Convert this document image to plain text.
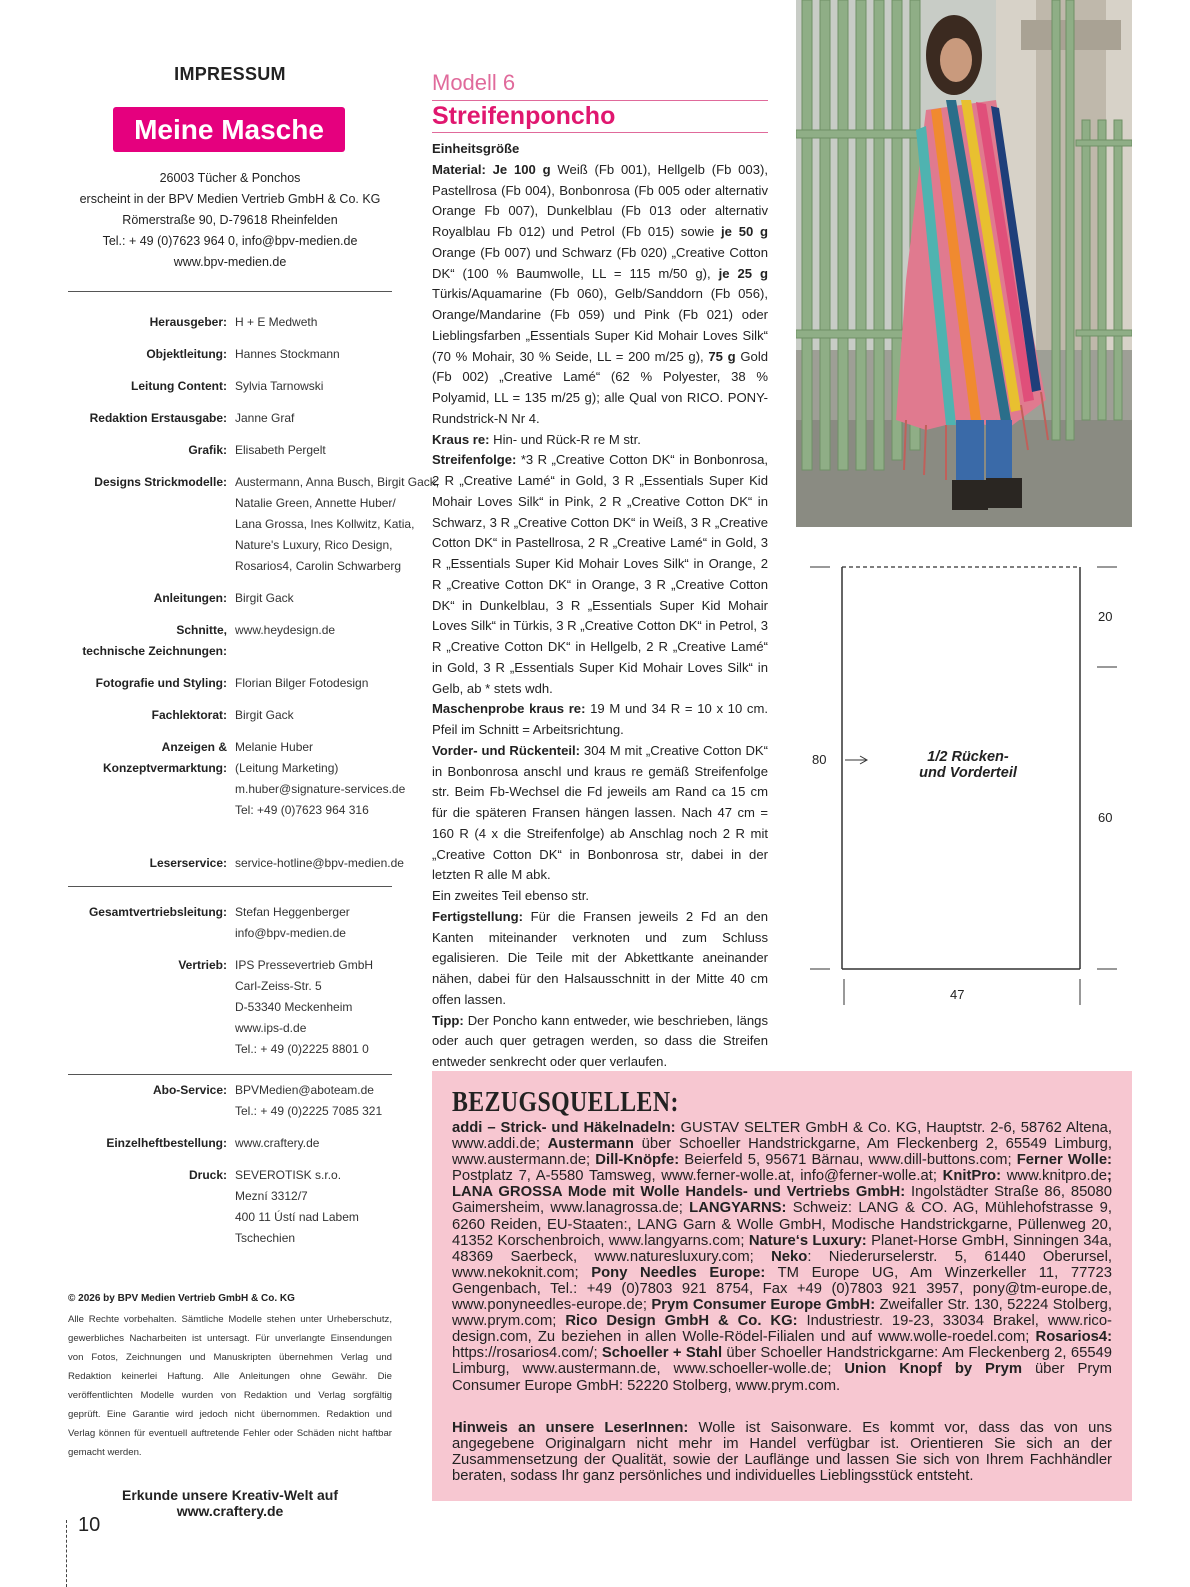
IMPRESSUM
Meine Masche
26003 Tücher & Ponchos
erscheint in der BPV Medien Vertrieb GmbH & Co. KG
Römerstraße 90, D-79618 Rheinfelden
Tel.: + 49 (0)7623 964 0, info@bpv-medien.de
www.bpv-medien.de
Herausgeber: H + E Medweth
Objektleitung: Hannes Stockmann
Leitung Content: Sylvia Tarnowski
Redaktion Erstausgabe: Janne Graf
Grafik: Elisabeth Pergelt
Designs Strickmodelle: Austermann, Anna Busch, Birgit Gack,
Natalie Green, Annette Huber/
Lana Grossa, Ines Kollwitz, Katia,
Nature's Luxury, Rico Design,
Rosarios4, Carolin Schwarberg
Anleitungen: Birgit Gack
Schnitte,
technische Zeichnungen:
www.heydesign.de
Fotografie und Styling: Florian Bilger Fotodesign
Fachlektorat: Birgit Gack
Anzeigen &
Konzeptvermarktung:
Melanie Huber
(Leitung Marketing)
m.huber@signature-services.de
Tel: +49 (0)7623 964 316
Leserservice: service-hotline@bpv-medien.de
Gesamtvertriebsleitung: Stefan Heggenberger
info@bpv-medien.de
Vertrieb: IPS Pressevertrieb GmbH
Carl-Zeiss-Str. 5
D-53340 Meckenheim
www.ips-d.de
Tel.: + 49 (0)2225 8801 0
Abo-Service: BPVMedien@aboteam.de
Tel.: + 49 (0)2225 7085 321
Einzelheftbestellung: www.craftery.de
Druck: SEVEROTISK s.r.o.
Mezní 3312/7
400 11 Ústí nad Labem
Tschechien
© 2026 by BPV Medien Vertrieb GmbH & Co. KG
Alle Rechte vorbehalten. Sämtliche Modelle stehen unter Urheberschutz, gewerbliches Nacharbeiten ist untersagt. Für unverlangte Einsendungen von Fotos, Zeichnungen und Manuskripten übernehmen Verlag und Redaktion keinerlei Haftung. Alle Anleitungen ohne Gewähr. Die veröffentlichten Modelle wurden von Redaktion und Verlag sorgfältig geprüft. Eine Garantie wird jedoch nicht übernommen. Redaktion und Verlag können für eventuell auftretende Fehler oder Schäden nicht haftbar gemacht werden.
Erkunde unsere Kreativ-Welt auf www.craftery.de
10
Modell 6
Streifenponcho
Einheitsgröße
Material: Je 100 g Weiß (Fb 001), Hellgelb (Fb 003), Pastellrosa (Fb 004), Bonbonrosa (Fb 005 oder alternativ Orange Fb 007), Dunkelblau (Fb 013 oder alternativ Royalblau Fb 012) und Petrol (Fb 015) sowie je 50 g Orange (Fb 007) und Schwarz (Fb 020) „Creative Cotton DK“ (100 % Baumwolle, LL = 115 m/50 g), je 25 g Türkis/Aquamarine (Fb 060), Gelb/Sanddorn (Fb 056), Orange/Mandarine (Fb 059) und Pink (Fb 021) oder Lieblingsfarben „Essentials Super Kid Mohair Loves Silk“ (70 % Mohair, 30 % Seide, LL = 200 m/25 g), 75 g Gold (Fb 002) „Creative Lamé“ (62 % Polyester, 38 % Polyamid, LL = 135 m/25 g); alle Qual von RICO. PONY-Rundstrick-N Nr 4.
Kraus re: Hin- und Rück-R re M str.
Streifenfolge: *3 R „Creative Cotton DK“ in Bonbonrosa, 2 R „Creative Lamé“ in Gold, 3 R „Essentials Super Kid Mohair Loves Silk“ in Pink, 2 R „Creative Cotton DK“ in Schwarz, 3 R „Creative Cotton DK“ in Weiß, 3 R „Creative Cotton DK“ in Pastellrosa, 2 R „Creative Lamé“ in Gold, 3 R „Essentials Super Kid Mohair Loves Silk“ in Orange, 2 R „Creative Cotton DK“ in Orange, 3 R „Creative Cotton DK“ in Dunkelblau, 3 R „Essentials Super Kid Mohair Loves Silk“ in Türkis, 3 R „Creative Cotton DK“ in Petrol, 3 R „Creative Cotton DK“ in Hellgelb, 2 R „Creative Lamé“ in Gold, 3 R „Essentials Super Kid Mohair Loves Silk“ in Gelb, ab * stets wdh.
Maschenprobe kraus re: 19 M und 34 R = 10 x 10 cm. Pfeil im Schnitt = Arbeitsrichtung.
Vorder- und Rückenteil: 304 M mit „Creative Cotton DK“ in Bonbonrosa anschl und kraus re gemäß Streifenfolge str. Beim Fb-Wechsel die Fd jeweils am Rand ca 15 cm für die späteren Fransen hängen lassen. Nach 47 cm = 160 R (4 x die Streifenfolge) ab Anschlag noch 2 R mit „Creative Cotton DK“ in Bonbonrosa str, dabei in der letzten R alle M abk.
Ein zweites Teil ebenso str.
Fertigstellung: Für die Fransen jeweils 2 Fd an den Kanten miteinander verknoten und zum Schluss egalisieren. Die Teile mit der Abkettkante aneinander nähen, dabei für den Halsausschnitt in der Mitte 40 cm offen lassen.
Tipp: Der Poncho kann entweder, wie beschrieben, längs oder auch quer getragen werden, so dass die Streifen entweder senkrecht oder quer verlaufen.
80
20
60
47
1/2 Rücken-
und Vorderteil
BEZUGSQUELLEN:
addi – Strick- und Häkelnadeln: GUSTAV SELTER GmbH & Co. KG, Hauptstr. 2-6, 58762 Altena, www.addi.de; Austermann über Schoeller Handstrickgarne, Am Fleckenberg 2, 65549 Limburg, www.austermann.de; Dill-Knöpfe: Beierfeld 5, 95671 Bärnau, www.dill-buttons.com; Ferner Wolle: Postplatz 7, A-5580 Tamsweg, www.ferner-wolle.at, info@ferner-wolle.at; KnitPro: www.knitpro.de; LANA GROSSA Mode mit Wolle Handels- und Vertriebs GmbH: Ingolstädter Straße 86, 85080 Gaimersheim, www.lanagrossa.de; LANGYARNS: Schweiz: LANG & CO. AG, Mühlehofstrasse 9, 6260 Reiden, EU-Staaten:, LANG Garn & Wolle GmbH, Modische Handstrickgarne, Püllenweg 20, 41352 Korschenbroich, www.langyarns.com; Nature‘s Luxury: Planet-Horse GmbH, Sinningen 34a, 48369 Saerbeck, www.naturesluxury.com; Neko: Niederurselerstr. 5, 61440 Oberursel, www.nekoknit.com; Pony Needles Europe: TM Europe UG, Am Winzerkeller 11, 77723 Gengenbach, Tel.: +49 (0)7803 921 8754, Fax +49 (0)7803 921 3957, pony@tm-europe.de, www.ponyneedles-europe.de; Prym Consumer Europe GmbH: Zweifaller Str. 130, 52224 Stolberg, www.prym.com; Rico Design GmbH & Co. KG: Industriestr. 19-23, 33034 Brakel, www.rico-design.com, Zu beziehen in allen Wolle-Rödel-Filialen und auf www.wolle-roedel.com; Rosarios4: https://rosarios4.com/; Schoeller + Stahl über Schoeller Handstrickgarne: Am Fleckenberg 2, 65549 Limburg, www.austermann.de, www.schoeller-wolle.de; Union Knopf by Prym über Prym Consumer Europe GmbH: 52220 Stolberg, www.prym.com.
Hinweis an unsere LeserInnen: Wolle ist Saisonware. Es kommt vor, dass das von uns angegebene Originalgarn nicht mehr im Handel verfügbar ist. Orientieren Sie sich an der Zusammensetzung der Qualität, sowie der Lauflänge und lassen Sie sich von Ihrem Fachhändler beraten, sodass Ihr ganz persönliches und individuelles Lieblingsstück entsteht.
